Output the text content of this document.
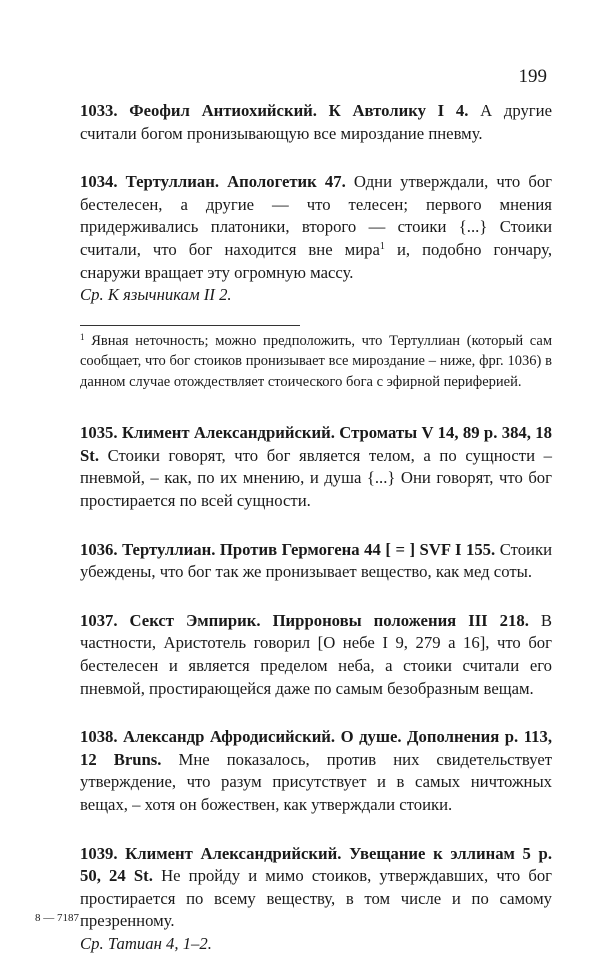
199

1033. Феофил Антиохийский. К Автолику I 4. А другие считали богом пронизывающую все мироздание пневму.

1034. Тертуллиан. Апологетик 47. Одни утверждали, что бог бестелесен, а другие — что телесен; первого мнения придерживались платоники, второго — стоики {...} Стоики считали, что бог находится вне мира$^1$ и, подобно гончару, снаружи вращает эту огромную массу.

Ср. К язычникам II 2.

$^1$ Явная неточность; можно предположить, что Тертуллиан (который сам сообщает, что бог стоиков пронизывает все мироздание – ниже, фрг. 1036) в данном случае отождествляет стоического бога с эфирной периферией.

1035. Климент Александрийский. Строматы V 14, 89 p. 384, 18 St. Стоики говорят, что бог является телом, а по сущности – пневмой, – как, по их мнению, и душа {...} Они говорят, что бог простирается по всей сущности.

1036. Тертуллиан. Против Гермогена 44 [ = ] SVF I 155. Стоики убеждены, что бог так же пронизывает вещество, как мед соты.

1037. Секст Эмпирик. Пирроновы положения III 218. В частности, Аристотель говорил [О небе I 9, 279 a 16], что бог бестелесен и является пределом неба, а стоики считали его пневмой, простирающейся даже по самым безобразным вещам.

1038. Александр Афродисийский. О душе. Дополнения p. 113, 12 Bruns. Мне показалось, против них свидетельствует утверждение, что разум присутствует и в самых ничтожных вещах, – хотя он божествен, как утверждали стоики.

1039. Климент Александрийский. Увещание к эллинам 5 p. 50, 24 St. Не пройду и мимо стоиков, утверждавших, что бог простирается по всему веществу, в том числе и по самому презренному.

Ср. Татиан 4, 1–2.

8 — 7187
